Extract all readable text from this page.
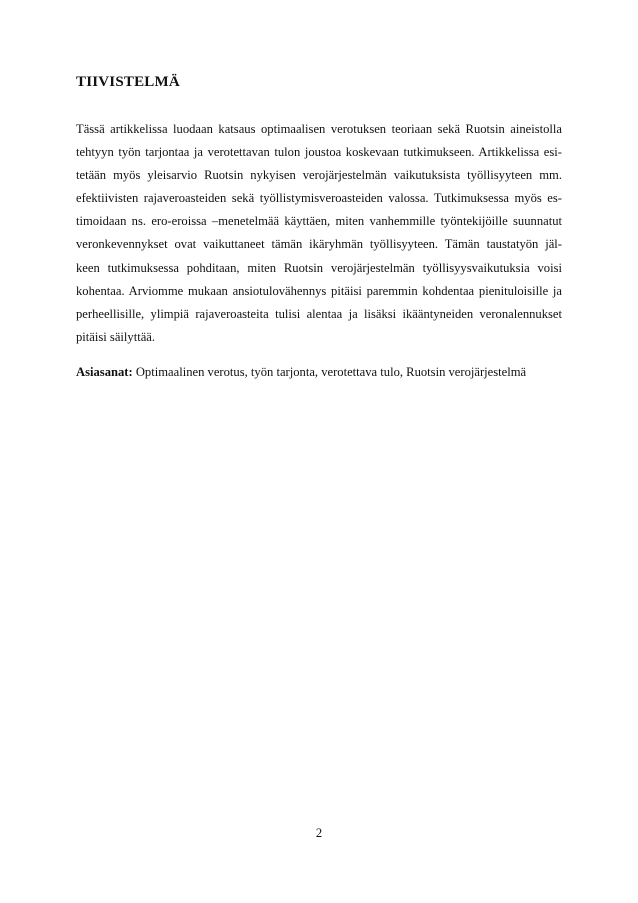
TIIVISTELMÄ
Tässä artikkelissa luodaan katsaus optimaalisen verotuksen teoriaan sekä Ruotsin aineistolla
tehtyyn työn tarjontaa ja verotettavan tulon joustoa koskevaan tutkimukseen. Artikkelissa esi-
tetään myös yleisarvio Ruotsin nykyisen verojärjestelmän vaikutuksista työllisyyteen mm.
efektiivisten rajaveroasteiden sekä työllistymisveroasteiden valossa. Tutkimuksessa myös es-
timoidaan ns. ero-eroissa –menetelmää käyttäen, miten vanhemmille työntekijöille suunnatut
veronkevennykset ovat vaikuttaneet tämän ikäryhmän työllisyyteen. Tämän taustatyön jäl-
keen tutkimuksessa pohditaan, miten Ruotsin verojärjestelmän työllisyysvaikutuksia voisi
kohentaa. Arviomme mukaan ansiotulovähennys pitäisi paremmin kohdentaa pienituloisille ja
perheellisille, ylimpiä rajaveroasteita tulisi alentaa ja lisäksi ikääntyneiden veronalennukset
pitäisi säilyttää.

Asiasanat: Optimaalinen verotus, työn tarjonta, verotettava tulo, Ruotsin verojärjestelmä

2
